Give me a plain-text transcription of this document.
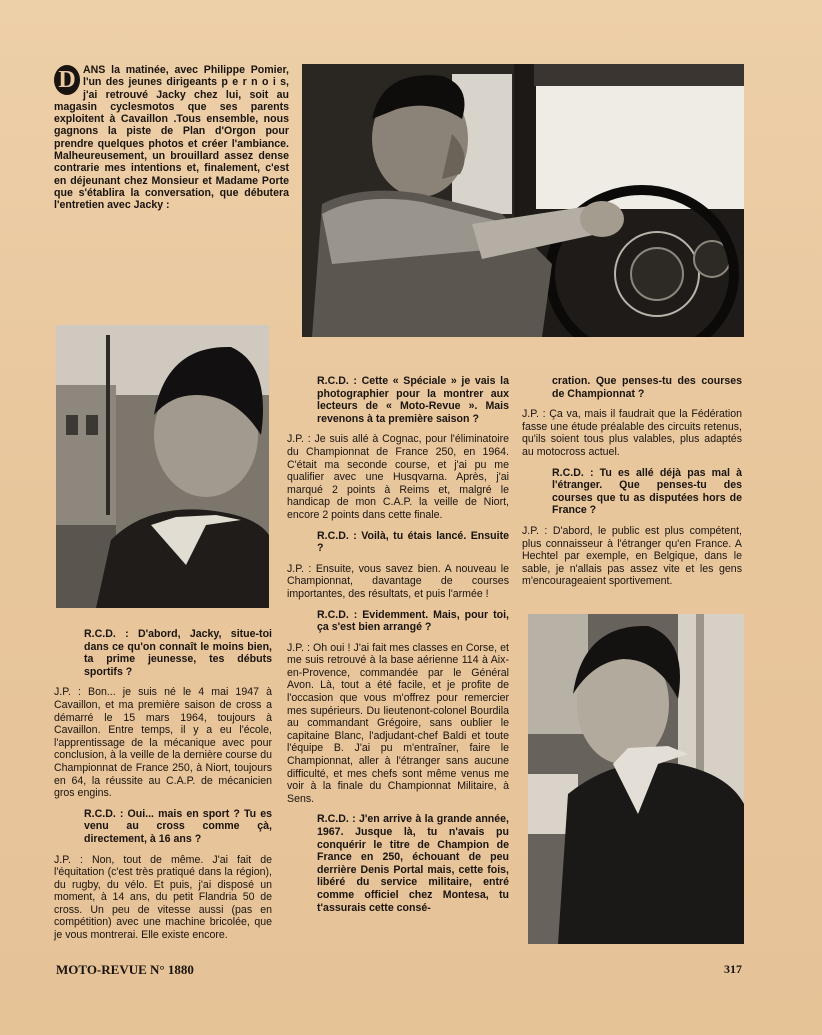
D ANS la matinée, avec Philippe Pomier, l'un des jeunes dirigeants p e r n o i s, j'ai retrouvé Jacky chez lui, soit au magasin cyclesmotos que ses parents exploitent à Cavaillon .Tous ensemble, nous gagnons la piste de Plan d'Orgon pour prendre quelques photos et créer l'ambiance. Malheureusement, un brouillard assez dense contrarie mes intentions et, finalement, c'est en déjeunant chez Monsieur et Madame Porte que s'établira la conversation, que débutera l'entretien avec Jacky :

R.C.D. : D'abord, Jacky, situe-toi dans ce qu'on connaît le moins bien, ta prime jeunesse, tes débuts sportifs ?

J.P. : Bon... je suis né le 4 mai 1947 à Cavaillon, et ma première saison de cross a démarré le 15 mars 1964, toujours à Cavaillon. Entre temps, il y a eu l'école, l'apprentissage de la mécanique avec pour conclusion, à la veille de la dernière course du Championnat de France 250, à Niort, toujours en 64, la réussite au C.A.P. de mécanicien gros engins.

R.C.D. : Oui... mais en sport ? Tu es venu au cross comme çà, directement, à 16 ans ?

J.P. : Non, tout de même. J'ai fait de l'équitation (c'est très pratiqué dans la région), du rugby, du vélo. Et puis, j'ai disposé un moment, à 14 ans, du petit Flandria 50 de cross. Un peu de vitesse aussi (pas en compétition) avec une machine bricolée, que je vous montrerai. Elle existe encore.

R.C.D. : Cette « Spéciale » je vais la photographier pour la montrer aux lecteurs de « Moto-Revue ». Mais revenons à ta première saison ?

J.P. : Je suis allé à Cognac, pour l'éliminatoire du Championnat de France 250, en 1964. C'était ma seconde course, et j'ai pu me qualifier avec une Husqvarna. Après, j'ai marqué 2 points à Reims et, malgré le handicap de mon C.A.P. la veille de Niort, encore 2 points dans cette finale.

R.C.D. : Voilà, tu étais lancé. Ensuite ?

J.P. : Ensuite, vous savez bien. A nouveau le Championnat, davantage de courses importantes, des résultats, et puis l'armée !

R.C.D. : Evidemment. Mais, pour toi, ça s'est bien arrangé ?

J.P. : Oh oui ! J'ai fait mes classes en Corse, et me suis retrouvé à la base aérienne 114 à Aix-en-Provence, commandée par le Général Avon. Là, tout a été facile, et je profite de l'occasion que vous m'offrez pour remercier mes supérieurs. Du lieutenont-colonel Bourdila au commandant Grégoire, sans oublier le capitaine Blanc, l'adjudant-chef Baldi et toute l'équipe B. J'ai pu m'entraîner, faire le Championnat, aller à l'étranger sans aucune difficulté, et mes chefs sont même venus me voir à la finale du Championnat Militaire, à Sens.

R.C.D. : J'en arrive à la grande année, 1967. Jusque là, tu n'avais pu conquérir le titre de Champion de France en 250, échouant de peu derrière Denis Portal mais, cette fois, libéré du service militaire, entré comme officiel chez Montesa, tu t'assurais cette consé-

cration. Que penses-tu des courses de Championnat ?

J.P. : Ça va, mais il faudrait que la Fédération fasse une étude préalable des circuits retenus, qu'ils soient tous plus valables, plus adaptés au motocross actuel.

R.C.D. : Tu es allé déjà pas mal à l'étranger. Que penses-tu des courses que tu as disputées hors de France ?

J.P. : D'abord, le public est plus compétent, plus connaisseur à l'étranger qu'en France. A Hechtel par exemple, en Belgique, dans le sable, je n'allais pas assez vite et les gens m'encourageaient sportivement.

MOTO-REVUE N° 1880	317
